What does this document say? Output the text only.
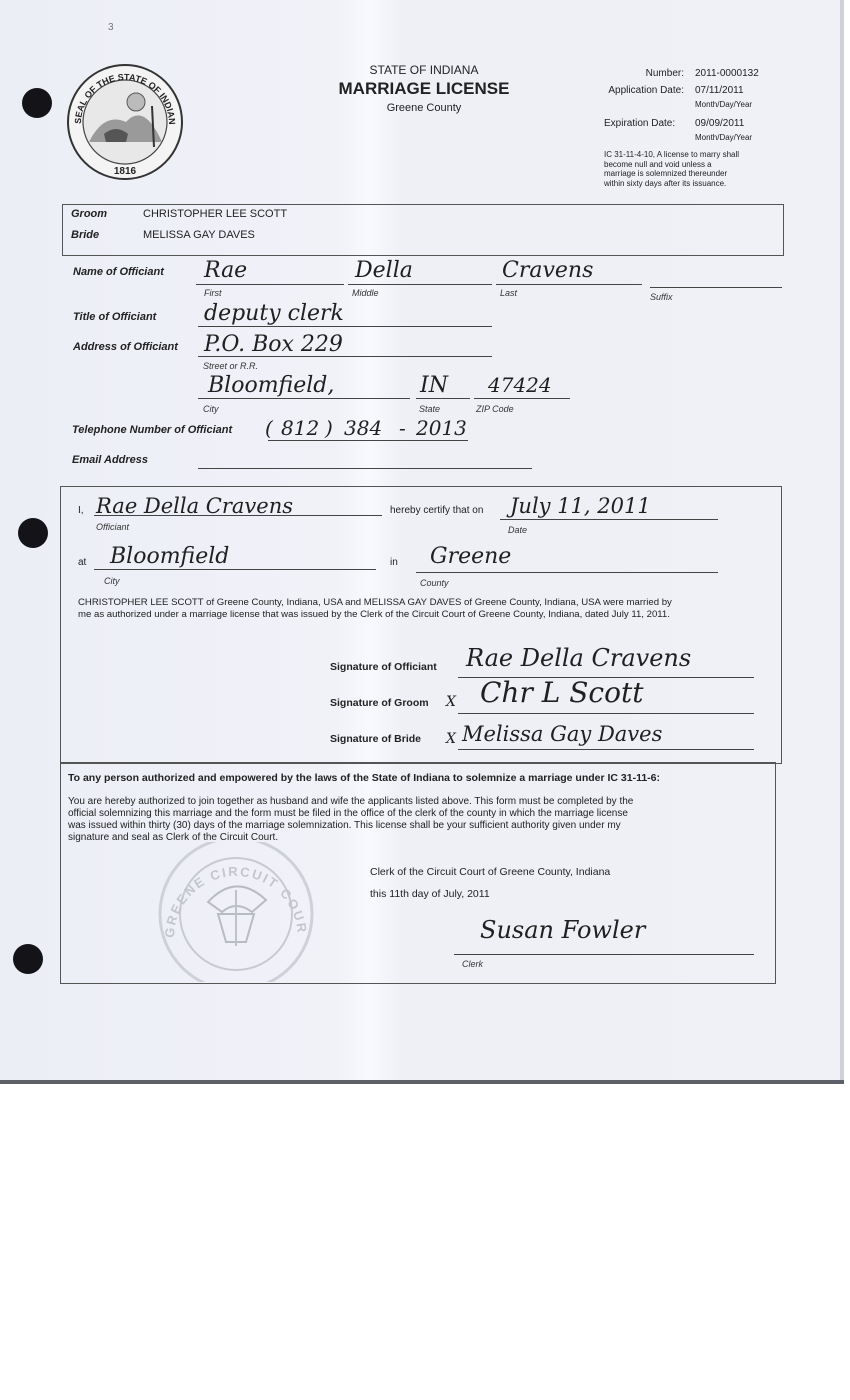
3
SEAL OF THE STATE OF INDIAN
1816
STATE OF INDIANA
MARRIAGE LICENSE
Greene County
Number: 2011-0000132
Application Date: 07/11/2011
Month/Day/Year
Expiration Date: 09/09/2011
Month/Day/Year
IC 31-11-4-10, A license to marry shall
become null and void unless a
marriage is solemnized thereunder
within sixty days after its issuance.
Groom	CHRISTOPHER LEE SCOTT
Bride	MELISSA GAY DAVES
Name of Officiant Rae	Della	Cravens
First	Middle	Last	Suffix
Title of Officiant deputy clerk
Address of Officiant P.O. Box 229
Street or R.R.
Bloomfield,	IN 47424
City	State	ZIP Code
Telephone Number of Officiant ( 812 ) 384 - 2013
Email Address
I, Rae Della Cravens
Officiant
hereby certify that on July 11, 2011
Date
at Bloomfield
City
in Greene
County
CHRISTOPHER LEE SCOTT of Greene County, Indiana, USA and MELISSA GAY DAVES of Greene County, Indiana, USA were married by
me as authorized under a marriage license that was issued by the Clerk of the Circuit Court of Greene County, Indiana, dated July 11, 2011.
Signature of Officiant Rae Della Cravens
Signature of Groom X Chr L Scott
Signature of Bride X Melissa Gay Daves
To any person authorized and empowered by the laws of the State of Indiana to solemnize a marriage under IC 31-11-6:
You are hereby authorized to join together as husband and wife the applicants listed above. This form must be completed by the
official solemnizing this marriage and the form must be filed in the office of the clerk of the county in which the marriage license
was issued within thirty (30) days of the marriage solemnization. This license shall be your sufficient authority given under my
signature and seal as Clerk of the Circuit Court.
GREENE CIRCUIT COUR
Clerk of the Circuit Court of Greene County, Indiana
this 11th day of July, 2011
Susan Fowler
Clerk
